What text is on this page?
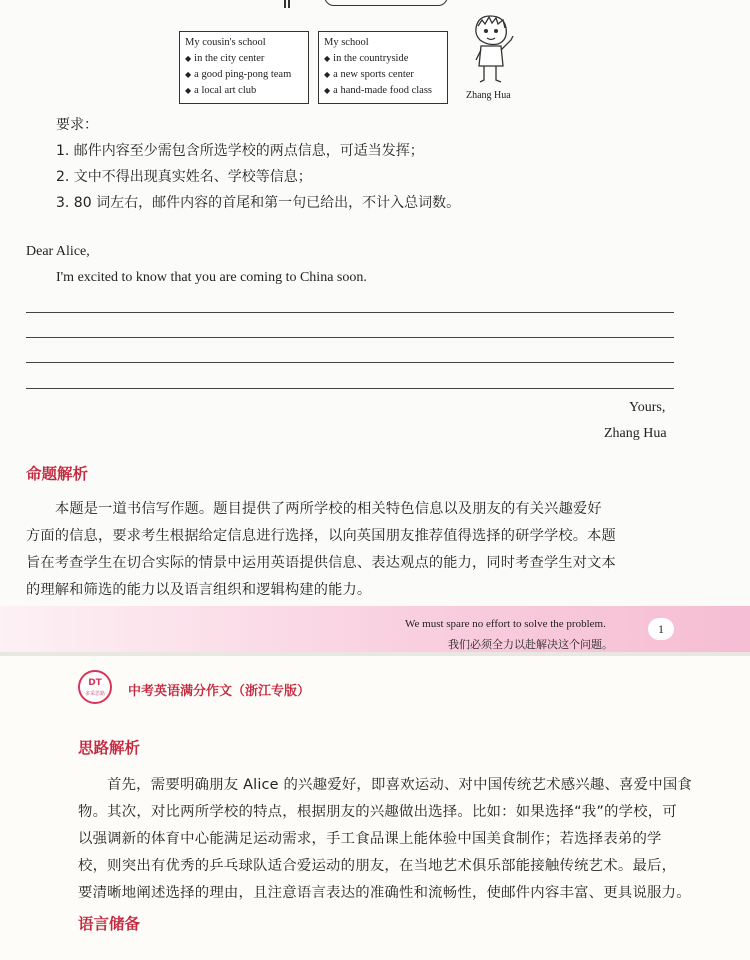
My cousin's school
◆ in the city center
◆ a good ping-pong team
◆ a local art club
My school
◆ in the countryside
◆ a new sports center
◆ a hand-made food class	Zhang Hua
要求：
1. 邮件内容至少需包含所选学校的两点信息，可适当发挥；
2. 文中不得出现真实姓名、学校等信息；
3. 80 词左右，邮件内容的首尾和第一句已给出，不计入总词数。
Dear Alice,
I'm excited to know that you are coming to China soon.
Yours,
Zhang Hua
命题解析
本题是一道书信写作题。题目提供了两所学校的相关特色信息以及朋友的有关兴趣爱好
方面的信息，要求考生根据给定信息进行选择，以向英国朋友推荐值得选择的研学学校。本题
旨在考查学生在切合实际的情景中运用英语提供信息、表达观点的能力，同时考查学生对文本
的理解和筛选的能力以及语言组织和逻辑构建的能力。
We must spare no effort to solve the problem.
我们必须全力以赴解决这个问题。
1
DT
多采思路	中考英语满分作文（浙江专版）
思路解析
首先，需要明确朋友 Alice 的兴趣爱好，即喜欢运动、对中国传统艺术感兴趣、喜爱中国食
物。其次，对比两所学校的特点，根据朋友的兴趣做出选择。比如：如果选择“我”的学校，可
以强调新的体育中心能满足运动需求，手工食品课上能体验中国美食制作；若选择表弟的学
校，则突出有优秀的乒乓球队适合爱运动的朋友，在当地艺术俱乐部能接触传统艺术。最后，
要清晰地阐述选择的理由，且注意语言表达的准确性和流畅性，使邮件内容丰富、更具说服力。
语言储备
